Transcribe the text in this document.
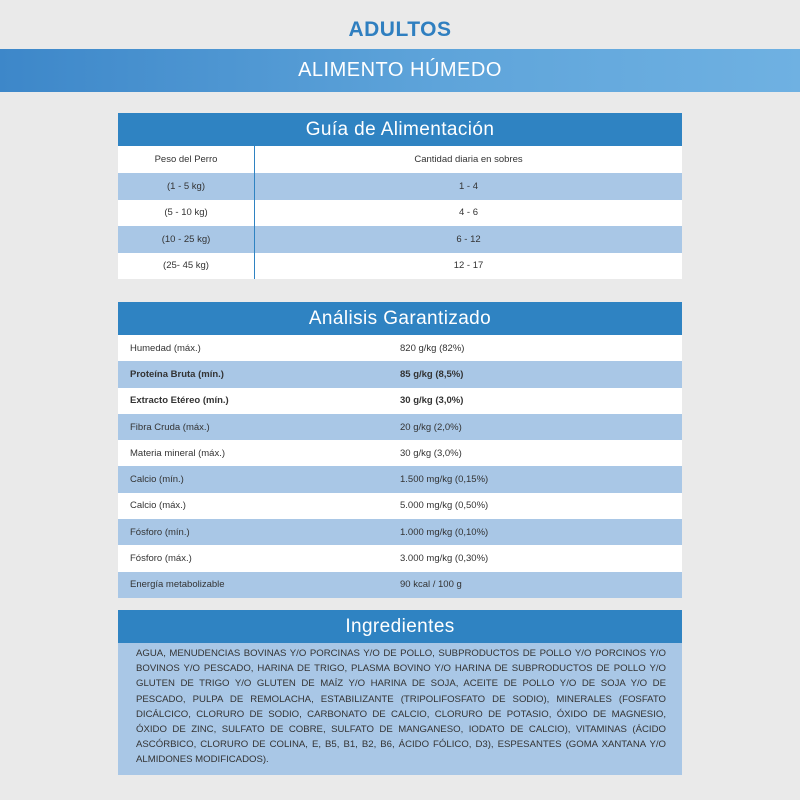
ADULTOS
ALIMENTO HÚMEDO
Guía de Alimentación
Peso del Perro	Cantidad diaria en sobres
(1 - 5 kg)	1 - 4
(5 - 10 kg)	4 - 6
(10 - 25 kg)	6 - 12
(25- 45 kg)	12 - 17
Análisis Garantizado
Humedad (máx.)	820 g/kg (82%)
Proteína Bruta (mín.)	85 g/kg (8,5%)
Extracto Etéreo (mín.)	30 g/kg (3,0%)
Fibra Cruda (máx.)	20 g/kg (2,0%)
Materia mineral (máx.)	30 g/kg (3,0%)
Calcio (mín.)	1.500 mg/kg (0,15%)
Calcio (máx.)	5.000 mg/kg (0,50%)
Fósforo (mín.)	1.000 mg/kg (0,10%)
Fósforo (máx.)	3.000 mg/kg (0,30%)
Energía metabolizable	90 kcal / 100 g
Ingredientes
AGUA, MENUDENCIAS BOVINAS Y/O PORCINAS Y/O DE POLLO, SUBPRODUCTOS DE POLLO Y/O PORCINOS Y/O BOVINOS Y/O PESCADO, HARINA DE TRIGO, PLASMA BOVINO Y/O HARINA DE SUBPRODUCTOS DE POLLO Y/O GLUTEN DE TRIGO Y/O GLUTEN DE MAÍZ Y/O HARINA DE SOJA, ACEITE DE POLLO Y/O DE SOJA Y/O DE PESCADO, PULPA DE REMOLACHA, ESTABILIZANTE (TRIPOLIFOSFATO DE SODIO), MINERALES (FOSFATO DICÁLCICO, CLORURO DE SODIO, CARBONATO DE CALCIO, CLORURO DE POTASIO, ÓXIDO DE MAGNESIO, ÓXIDO DE ZINC, SULFATO DE COBRE, SULFATO DE MANGANESO, IODATO DE CALCIO), VITAMINAS (ÁCIDO ASCÓRBICO, CLORURO DE COLINA, E, B5, B1, B2, B6, ÁCIDO FÓLICO, D3), ESPESANTES (GOMA XANTANA Y/O ALMIDONES MODIFICADOS).
